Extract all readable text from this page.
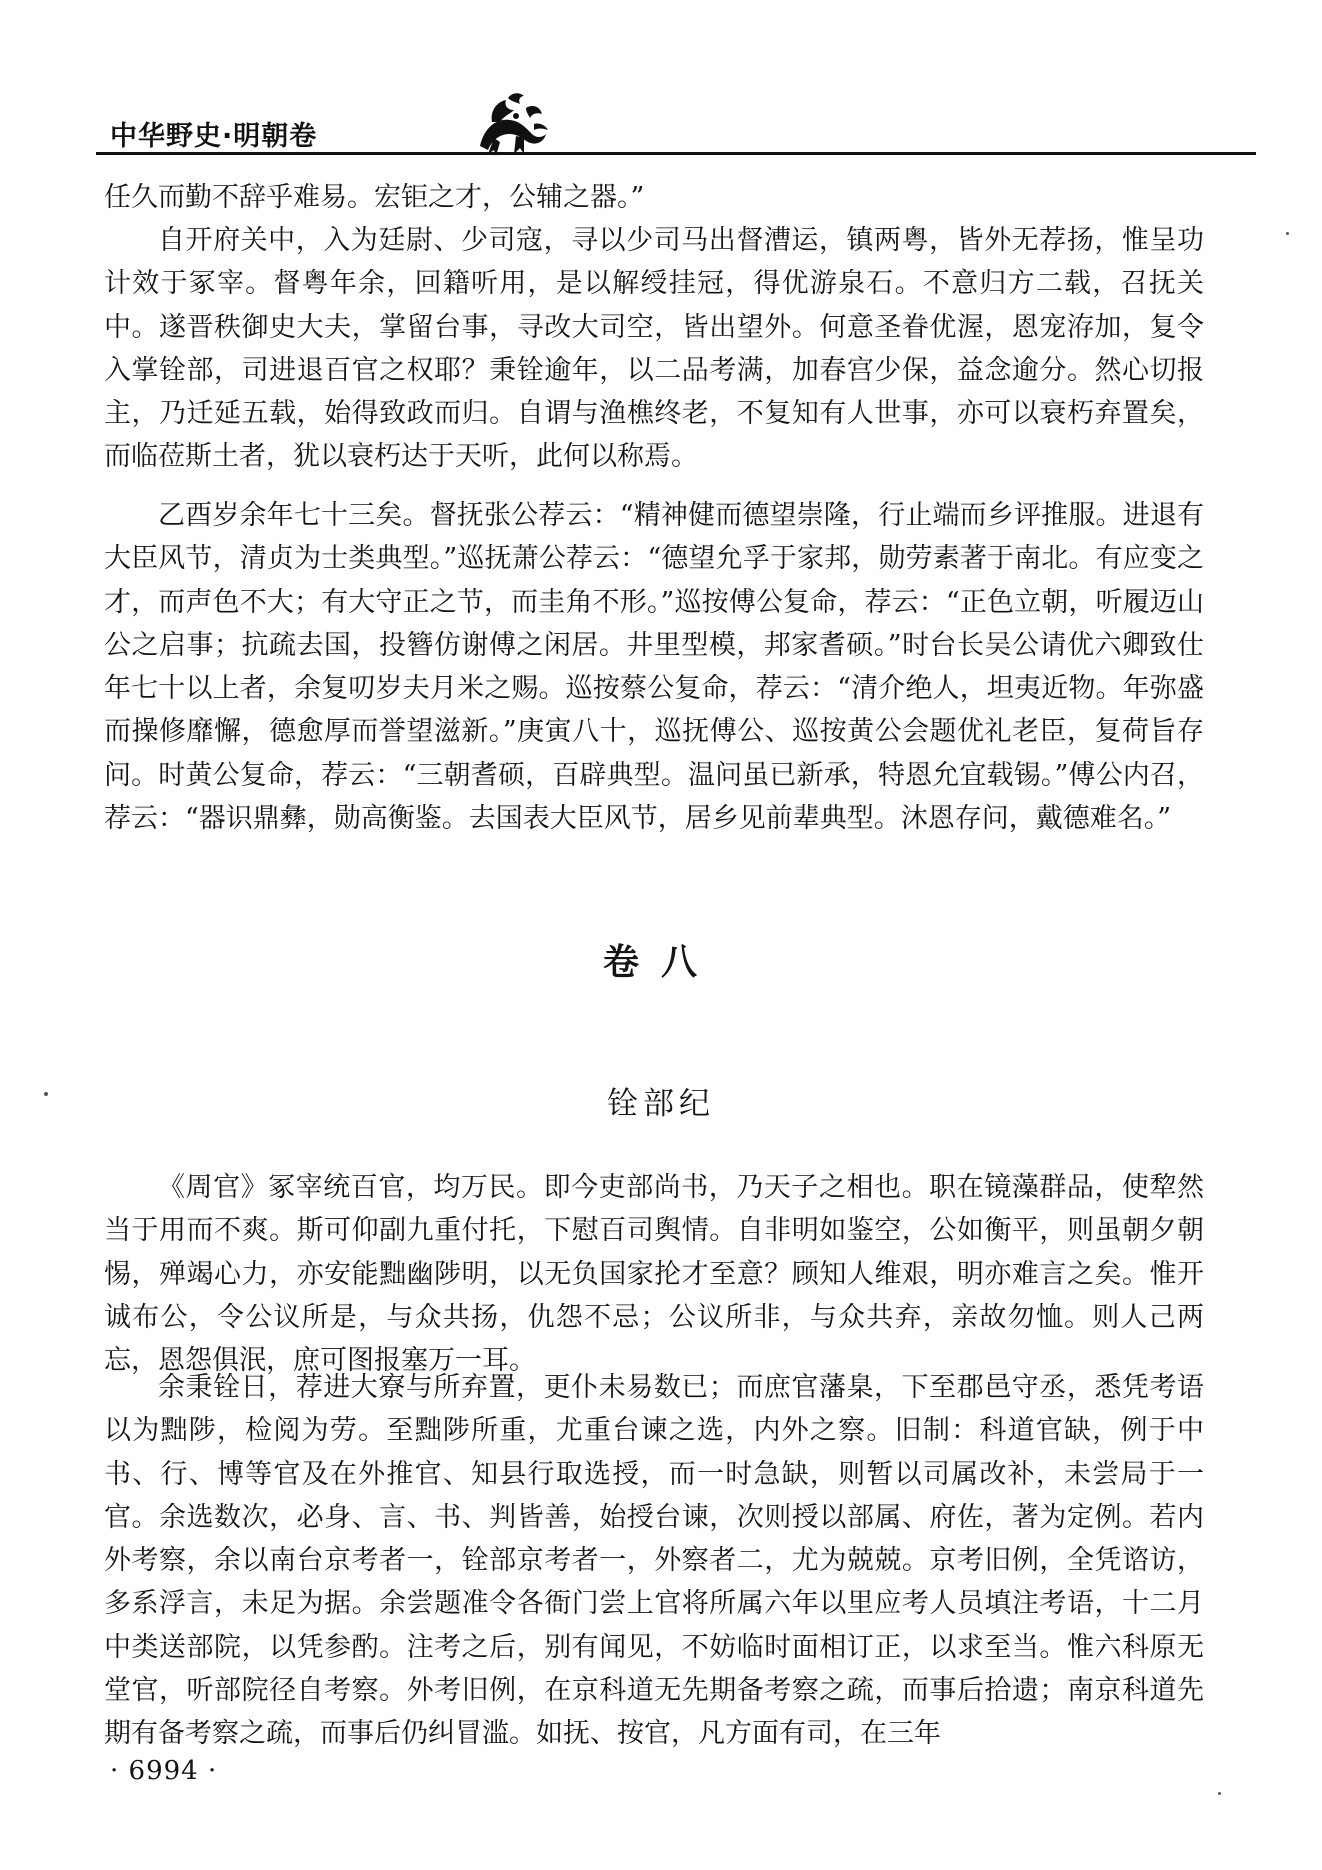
中华野史·明朝卷

任久而勤不辞乎难易。宏钜之才，公辅之器。”

自开府关中，入为廷尉、少司寇，寻以少司马出督漕运，镇两粤，皆外无荐扬，惟呈功计效于冢宰。督粤年余，回籍听用，是以解绶挂冠，得优游泉石。不意归方二载，召抚关中。遂晋秩御史大夫，掌留台事，寻改大司空，皆出望外。何意圣眷优渥，恩宠洊加，复令入掌铨部，司进退百官之权耶？秉铨逾年，以二品考满，加春宫少保，益念逾分。然心切报主，乃迁延五载，始得致政而归。自谓与渔樵终老，不复知有人世事，亦可以衰朽弃置矣，而临莅斯土者，犹以衰朽达于天听，此何以称焉。

乙酉岁余年七十三矣。督抚张公荐云：“精神健而德望崇隆，行止端而乡评推服。进退有大臣风节，清贞为士类典型。”巡抚萧公荐云：“德望允孚于家邦，勋劳素著于南北。有应变之才，而声色不大；有大守正之节，而圭角不形。”巡按傅公复命，荐云：“正色立朝，听履迈山公之启事；抗疏去国，投簪仿谢傅之闲居。井里型模，邦家耆硕。”时台长吴公请优六卿致仕年七十以上者，余复叨岁夫月米之赐。巡按蔡公复命，荐云：“清介绝人，坦夷近物。年弥盛而操修靡懈，德愈厚而誉望滋新。”庚寅八十，巡抚傅公、巡按黄公会题优礼老臣，复荷旨存问。时黄公复命，荐云：“三朝耆硕，百辟典型。温问虽已新承，特恩允宜载锡。”傅公内召，荐云：“器识鼎彝，勋高衡鉴。去国表大臣风节，居乡见前辈典型。沐恩存问，戴德难名。”

卷八
铨部纪

《周官》冢宰统百官，均万民。即今吏部尚书，乃天子之相也。职在镜藻群品，使犂然当于用而不爽。斯可仰副九重付托，下慰百司舆情。自非明如鉴空，公如衡平，则虽朝夕朝惕，殚竭心力，亦安能黜幽陟明，以无负国家抡才至意？顾知人维艰，明亦难言之矣。惟开诚布公，令公议所是，与众共扬，仇怨不忌；公议所非，与众共弃，亲故勿恤。则人己两忘，恩怨俱泯，庶可图报塞万一耳。

余秉铨日，荐进大寮与所弃置，更仆未易数已；而庶官藩臬，下至郡邑守丞，悉凭考语以为黜陟，检阅为劳。至黜陟所重，尤重台谏之选，内外之察。旧制：科道官缺，例于中书、行、博等官及在外推官、知县行取选授，而一时急缺，则暂以司属改补，未尝局于一官。余选数次，必身、言、书、判皆善，始授台谏，次则授以部属、府佐，著为定例。若内外考察，余以南台京考者一，铨部京考者一，外察者二，尤为兢兢。京考旧例，全凭谘访，多系浮言，未足为据。余尝题准令各衙门尝上官将所属六年以里应考人员填注考语，十二月中类送部院，以凭参酌。注考之后，别有闻见，不妨临时面相订正，以求至当。惟六科原无堂官，听部院径自考察。外考旧例，在京科道无先期备考察之疏，而事后拾遗；南京科道先期有备考察之疏，而事后仍纠冒滥。如抚、按官，凡方面有司，在三年

· 6994 ·
